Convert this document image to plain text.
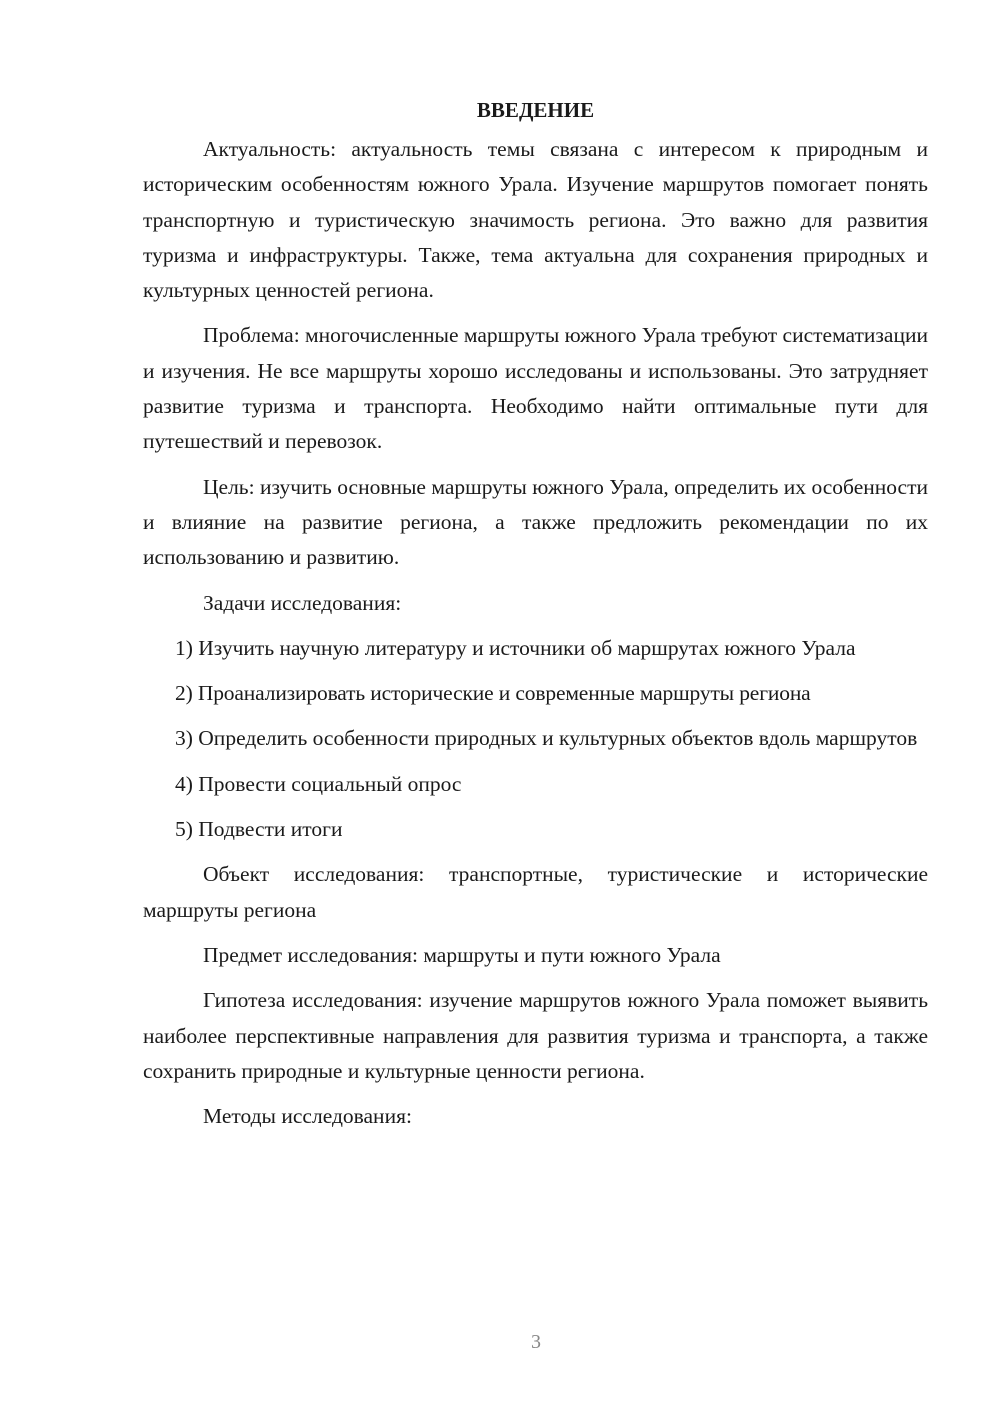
ВВЕДЕНИЕ

Актуальность: актуальность темы связана с интересом к природным и историческим особенностям южного Урала. Изучение маршрутов помогает понять транспортную и туристическую значимость региона. Это важно для развития туризма и инфраструктуры. Также, тема актуальна для сохранения природных и культурных ценностей региона.

Проблема: многочисленные маршруты южного Урала требуют систематизации и изучения. Не все маршруты хорошо исследованы и использованы. Это затрудняет развитие туризма и транспорта. Необходимо найти оптимальные пути для путешествий и перевозок.

Цель: изучить основные маршруты южного Урала, определить их особенности и влияние на развитие региона, а также предложить рекомендации по их использованию и развитию.

Задачи исследования:

1) Изучить научную литературу и источники об маршрутах южного Урала

2) Проанализировать исторические и современные маршруты региона

3) Определить особенности природных и культурных объектов вдоль маршрутов

4) Провести социальный опрос

5) Подвести итоги

Объект исследования: транспортные, туристические и исторические маршруты региона

Предмет исследования: маршруты и пути южного Урала

Гипотеза исследования: изучение маршрутов южного Урала поможет выявить наиболее перспективные направления для развития туризма и транспорта, а также сохранить природные и культурные ценности региона.

Методы исследования:

3
